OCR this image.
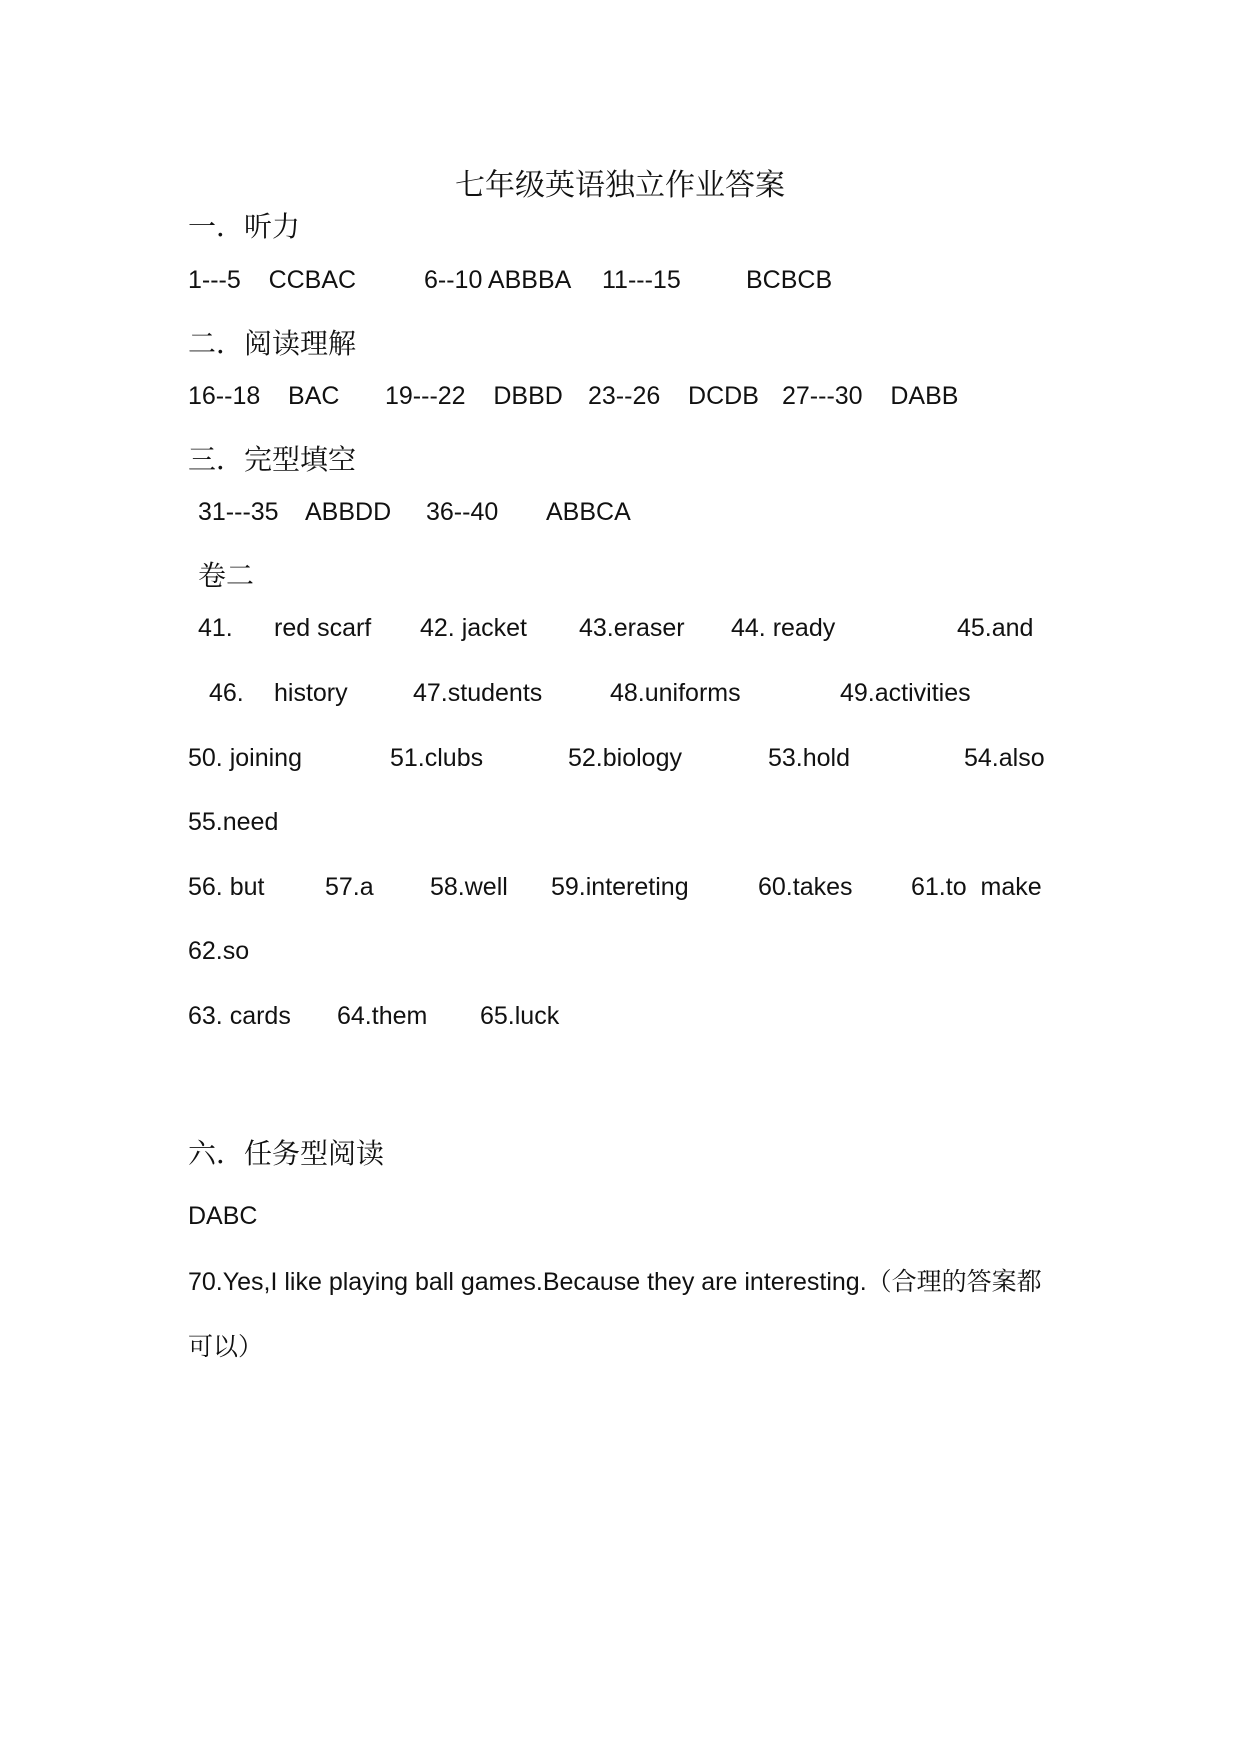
七年级英语独立作业答案
一．听力

1---5    CCBAC

	6--10 ABBBA

11---15

	BCBCB

二．阅读理解

16--18    BAC

19---22    DBBD

23--26    DCDB

27---30    DABB

三．完型填空

31---35    ABBDD

36--40

ABBCA

卷二

41.

red scarf

42. jacket

43.eraser

44. ready

	45.and

46.

history

	47.students

	48.uniforms

	49.activities

50. joining

	51.clubs

	52.biology

	53.hold

	54.also

55.need

56. but

57.a

58.well

59.intereting

	60.takes

61.to  make

62.so

63. cards

64.them

65.luck

六．任务型阅读

DABC

70.Yes,I like playing ball games.Because they are interesting.（合理的答案都可以）
